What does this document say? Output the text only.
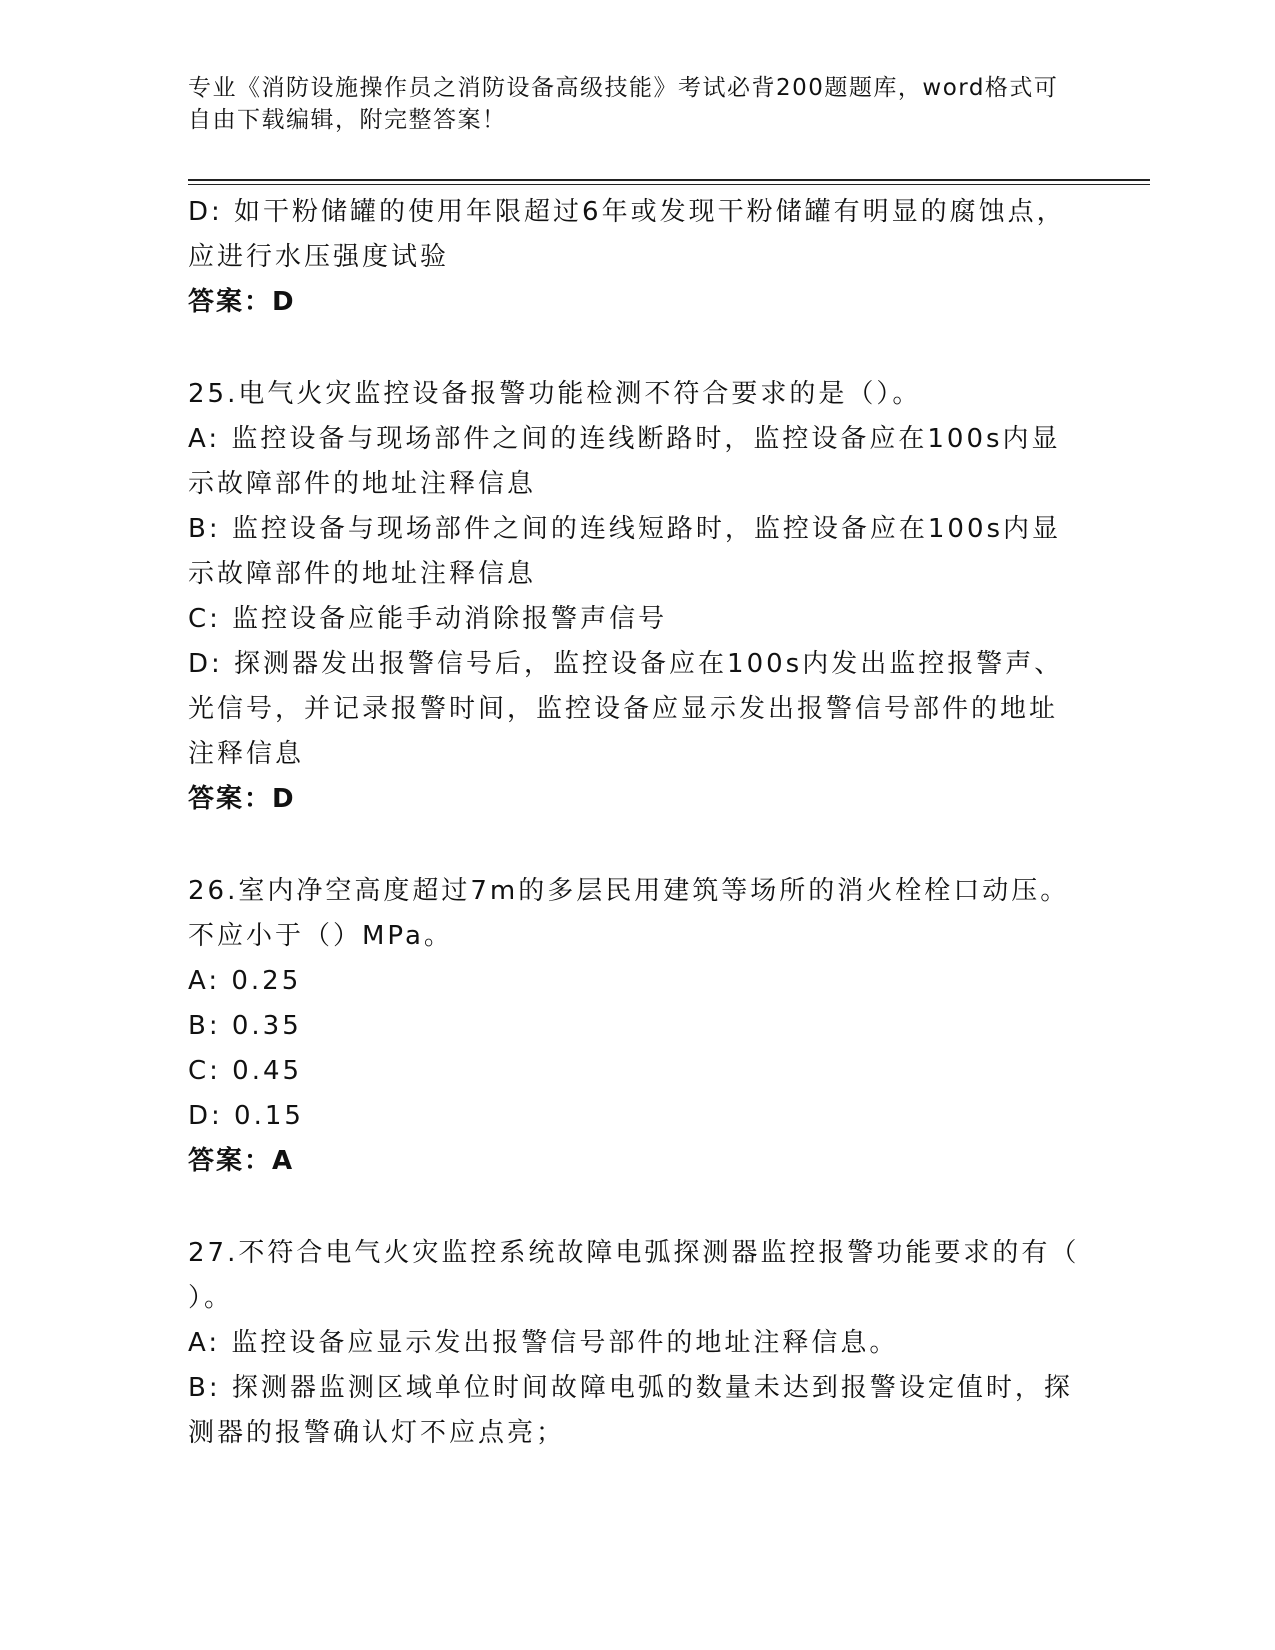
专业《消防设施操作员之消防设备高级技能》考试必背200题题库，word格式可
自由下载编辑，附完整答案！
D: 如干粉储罐的使用年限超过6年或发现干粉储罐有明显的腐蚀点，
应进行水压强度试验
答案：D
25.电气火灾监控设备报警功能检测不符合要求的是（）。
A: 监控设备与现场部件之间的连线断路时，监控设备应在100s内显
示故障部件的地址注释信息
B: 监控设备与现场部件之间的连线短路时，监控设备应在100s内显
示故障部件的地址注释信息
C: 监控设备应能手动消除报警声信号
D: 探测器发出报警信号后，监控设备应在100s内发出监控报警声、
光信号，并记录报警时间，监控设备应显示发出报警信号部件的地址
注释信息
答案：D
26.室内净空高度超过7m的多层民用建筑等场所的消火栓栓口动压。
不应小于（）MPa。
A: 0.25
B: 0.35
C: 0.45
D: 0.15
答案：A
27.不符合电气火灾监控系统故障电弧探测器监控报警功能要求的有（
）。
A: 监控设备应显示发出报警信号部件的地址注释信息。
B: 探测器监测区域单位时间故障电弧的数量未达到报警设定值时，探
测器的报警确认灯不应点亮；
